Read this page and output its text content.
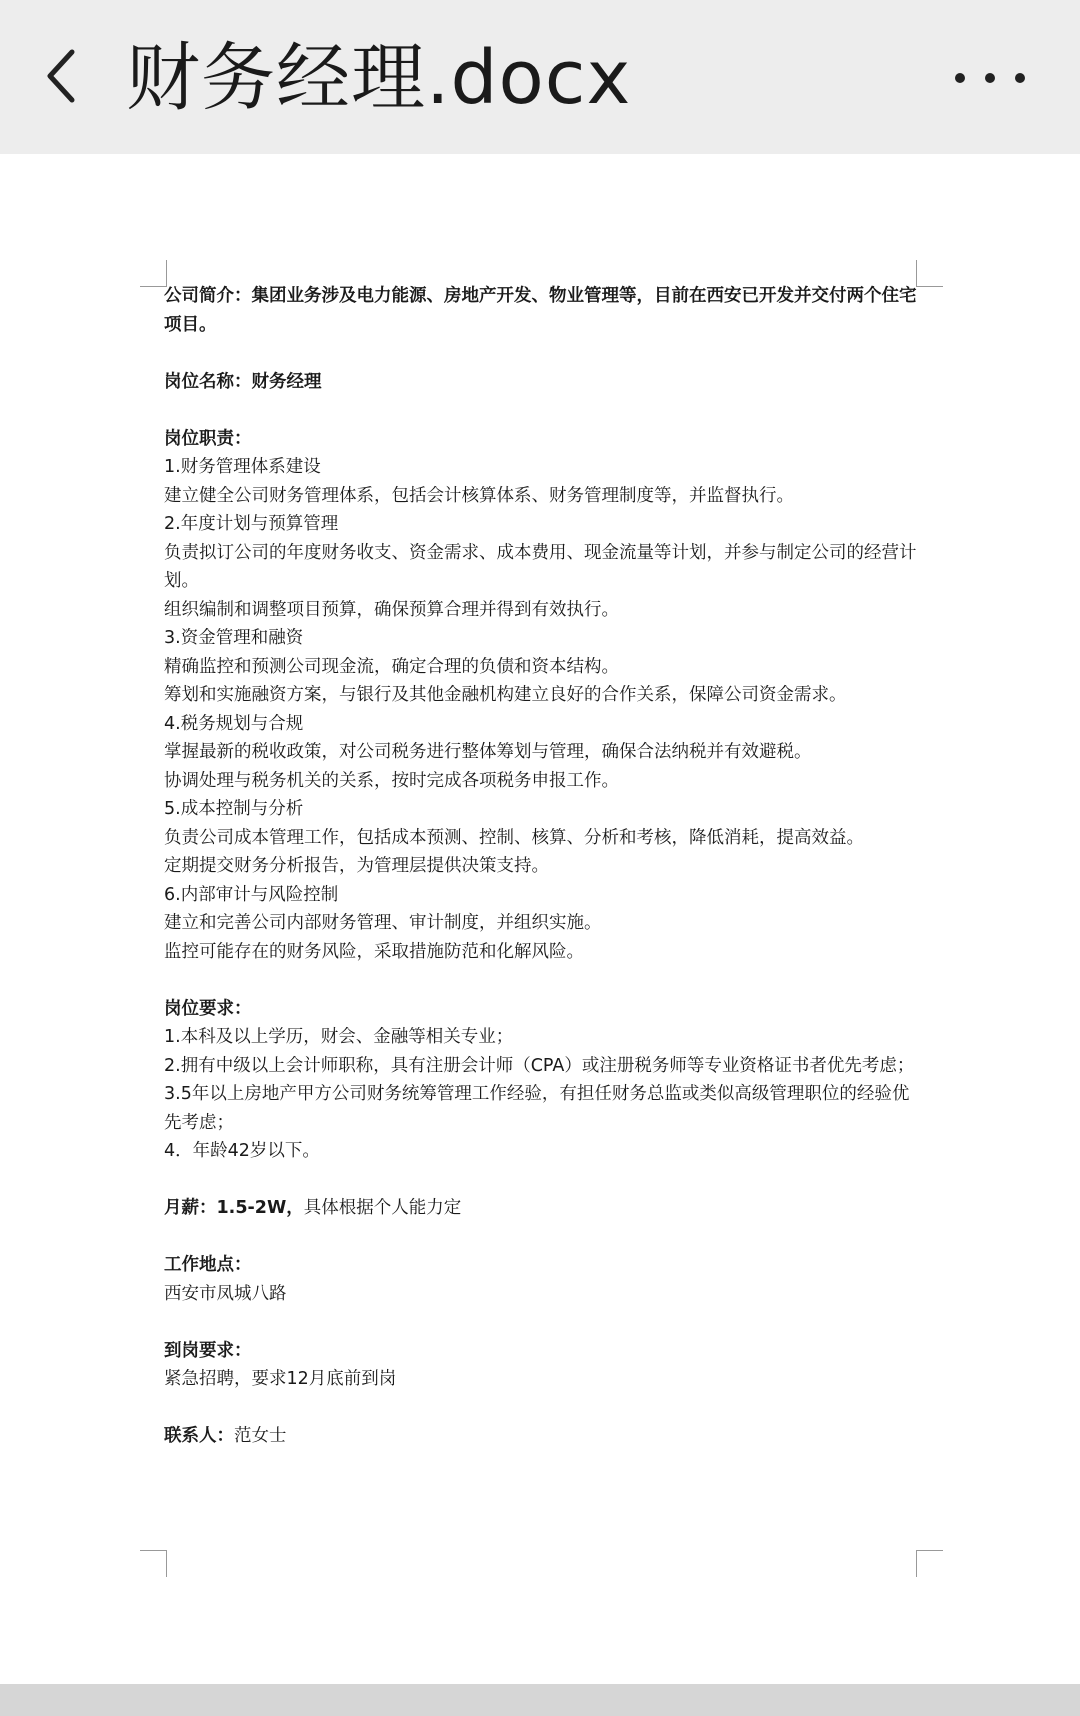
财务经理.docx

公司简介：集团业务涉及电力能源、房地产开发、物业管理等，目前在西安已开发并交付两个住宅项目。

岗位名称：财务经理

岗位职责：

1.财务管理体系建设

建立健全公司财务管理体系，包括会计核算体系、财务管理制度等，并监督执行。

2.年度计划与预算管理

负责拟订公司的年度财务收支、资金需求、成本费用、现金流量等计划，并参与制定公司的经营计划。

组织编制和调整项目预算，确保预算合理并得到有效执行。

3.资金管理和融资

精确监控和预测公司现金流，确定合理的负债和资本结构。

筹划和实施融资方案，与银行及其他金融机构建立良好的合作关系，保障公司资金需求。

4.税务规划与合规

掌握最新的税收政策，对公司税务进行整体筹划与管理，确保合法纳税并有效避税。

协调处理与税务机关的关系，按时完成各项税务申报工作。

5.成本控制与分析

负责公司成本管理工作，包括成本预测、控制、核算、分析和考核，降低消耗，提高效益。

定期提交财务分析报告，为管理层提供决策支持。

6.内部审计与风险控制

建立和完善公司内部财务管理、审计制度，并组织实施。

监控可能存在的财务风险，采取措施防范和化解风险。

岗位要求：

1.本科及以上学历，财会、金融等相关专业；

2.拥有中级以上会计师职称，具有注册会计师（CPA）或注册税务师等专业资格证书者优先考虑；

3.5年以上房地产甲方公司财务统筹管理工作经验，有担任财务总监或类似高级管理职位的经验优先考虑；

4．年龄42岁以下。

月薪：1.5-2W，具体根据个人能力定

工作地点：

西安市凤城八路

到岗要求：

紧急招聘，要求12月底前到岗

联系人：范女士
